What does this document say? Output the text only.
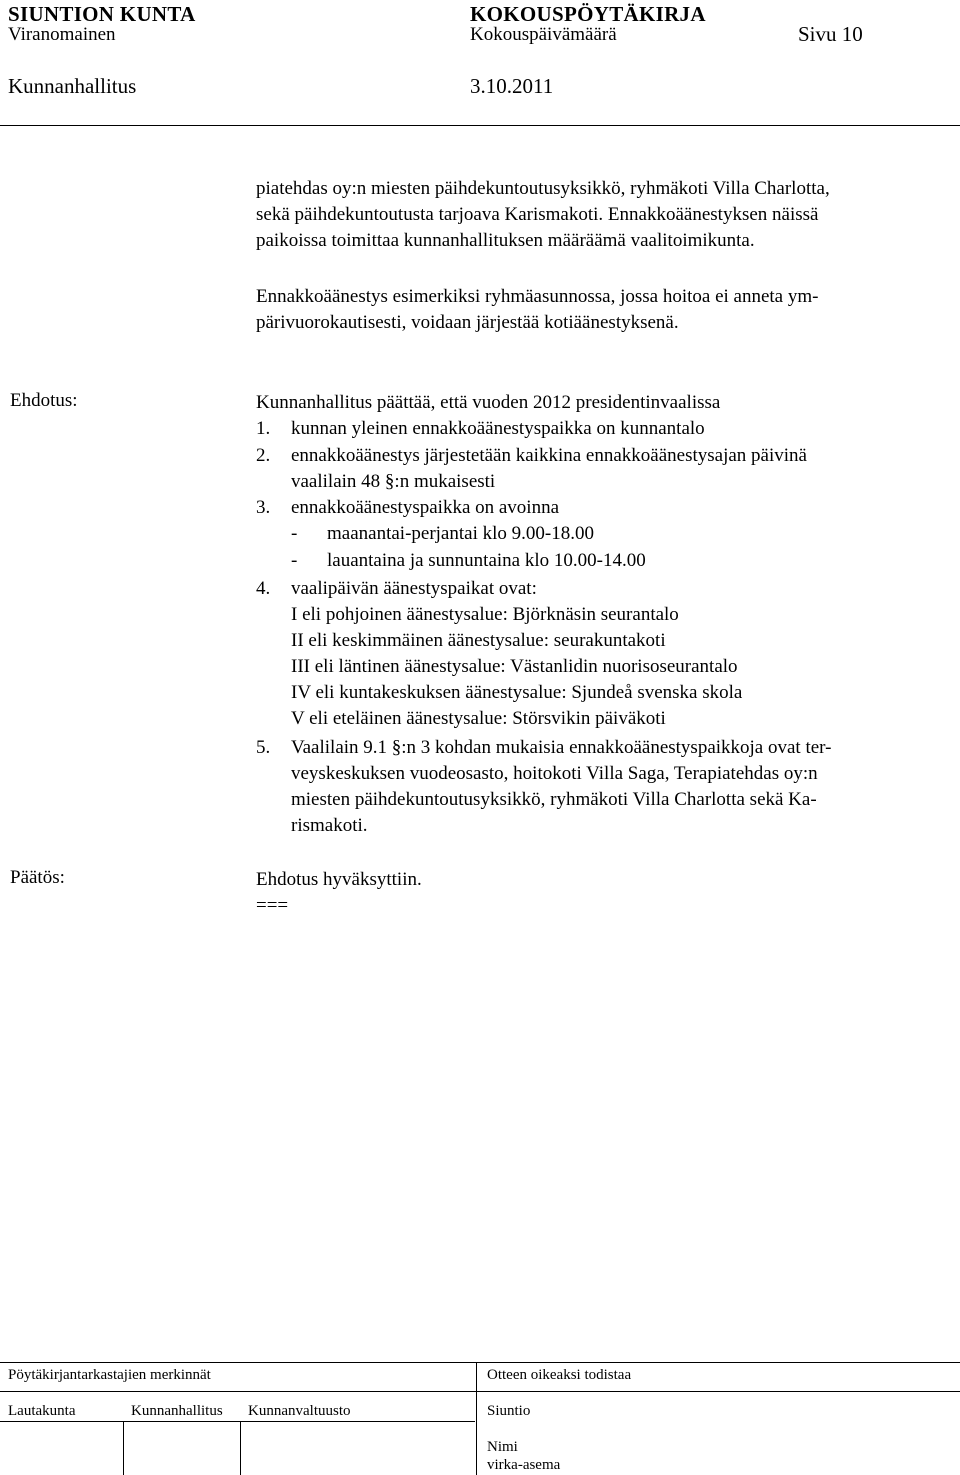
SIUNTION KUNTA	KOKOUSPÖYTÄKIRJA
Viranomainen	Kokouspäivämäärä	Sivu 10
Kunnanhallitus	3.10.2011
piatehdas oy:n miesten päihdekuntoutusyksikkö, ryhmäkoti Villa Charlotta,
sekä päihdekuntoutusta tarjoava Karismakoti. Ennakkoäänestyksen näissä
paikoissa toimittaa kunnanhallituksen määräämä vaalitoimikunta.
Ennakkoäänestys esimerkiksi ryhmäasunnossa, jossa hoitoa ei anneta ym-
pärivuorokautisesti, voidaan järjestää kotiäänestyksenä.
Ehdotus:	Kunnanhallitus päättää, että vuoden 2012 presidentinvaalissa
1. kunnan yleinen ennakkoäänestyspaikka on kunnantalo
2. ennakkoäänestys järjestetään kaikkina ennakkoäänestysajan päivinä
vaalilain 48 §:n mukaisesti
3. ennakkoäänestyspaikka on avoinna
- maanantai-perjantai klo 9.00-18.00
- lauantaina ja sunnuntaina klo 10.00-14.00
4. vaalipäivän äänestyspaikat ovat:
I eli pohjoinen äänestysalue: Björknäsin seurantalo
II eli keskimmäinen äänestysalue: seurakuntakoti
III eli läntinen äänestysalue: Västanlidin nuorisoseurantalo
IV eli kuntakeskuksen äänestysalue: Sjundeå svenska skola
V eli eteläinen äänestysalue: Störsvikin päiväkoti
5. Vaalilain 9.1 §:n 3 kohdan mukaisia ennakkoäänestyspaikkoja ovat ter-
veyskeskuksen vuodeosasto, hoitokoti Villa Saga, Terapiatehdas oy:n
miesten päihdekuntoutusyksikkö, ryhmäkoti Villa Charlotta sekä Ka-
rismakoti.
Päätös:	Ehdotus hyväksyttiin.
===
Pöytäkirjantarkastajien merkinnät	Otteen oikeaksi todistaa
Lautakunta	Kunnanhallitus Kunnanvaltuusto	Siuntio
Nimi
virka-asema
